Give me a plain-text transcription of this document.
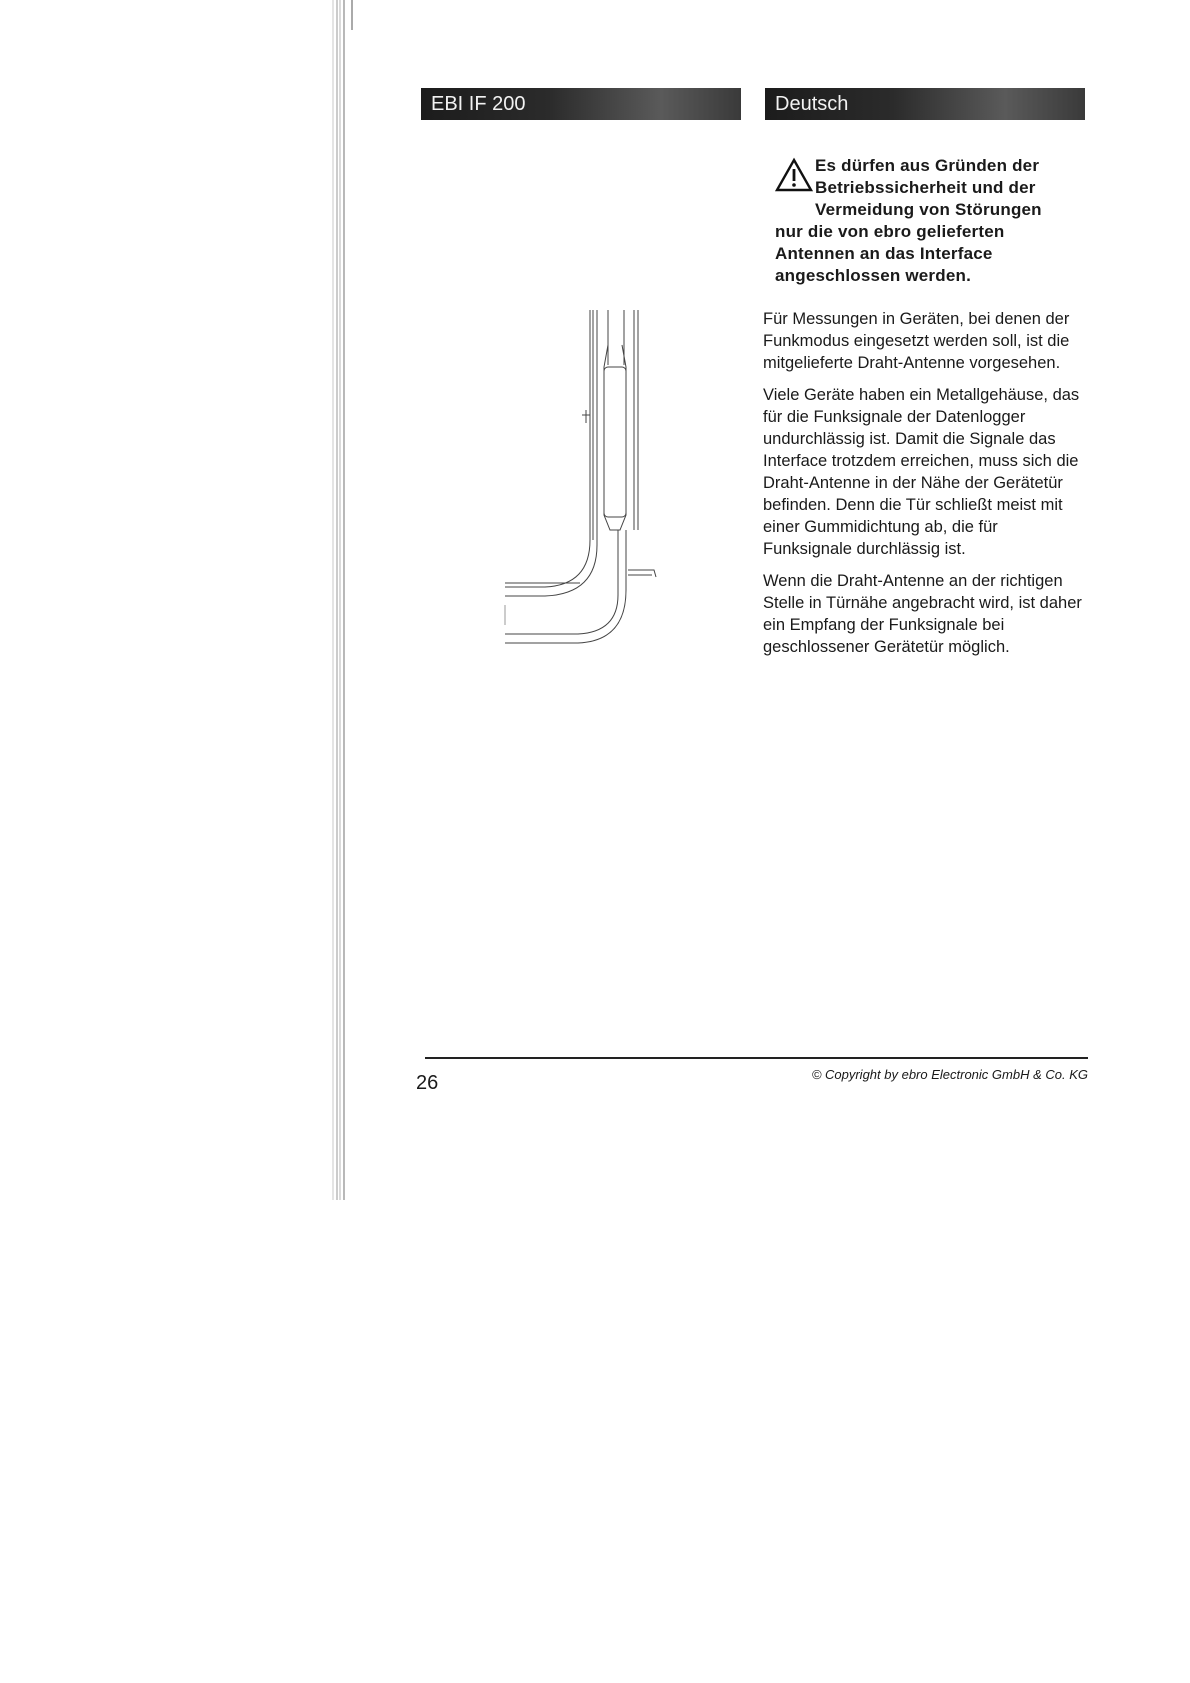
EBI IF 200	Deutsch
Es dürfen aus Gründen der
Betriebssicherheit und der
Vermeidung von Störungen

nur die von ebro gelieferten Antennen an das Interface angeschlossen werden.

Für Messungen in Geräten, bei denen der Funkmodus eingesetzt werden soll, ist die mitgelieferte Draht-Antenne vorgesehen.

Viele Geräte haben ein Metallgehäuse, das für die Funksignale der Datenlogger undurchlässig ist. Damit die Signale das Interface trotzdem erreichen, muss sich die Draht-Antenne in der Nähe der Gerätetür befinden. Denn die Tür schließt meist mit einer Gummidichtung ab, die für Funksignale durchlässig ist.

Wenn die Draht-Antenne an der richtigen Stelle in Türnähe angebracht wird, ist daher ein Empfang der Funksignale bei geschlossener Gerätetür möglich.

26	© Copyright by ebro Electronic GmbH & Co. KG
